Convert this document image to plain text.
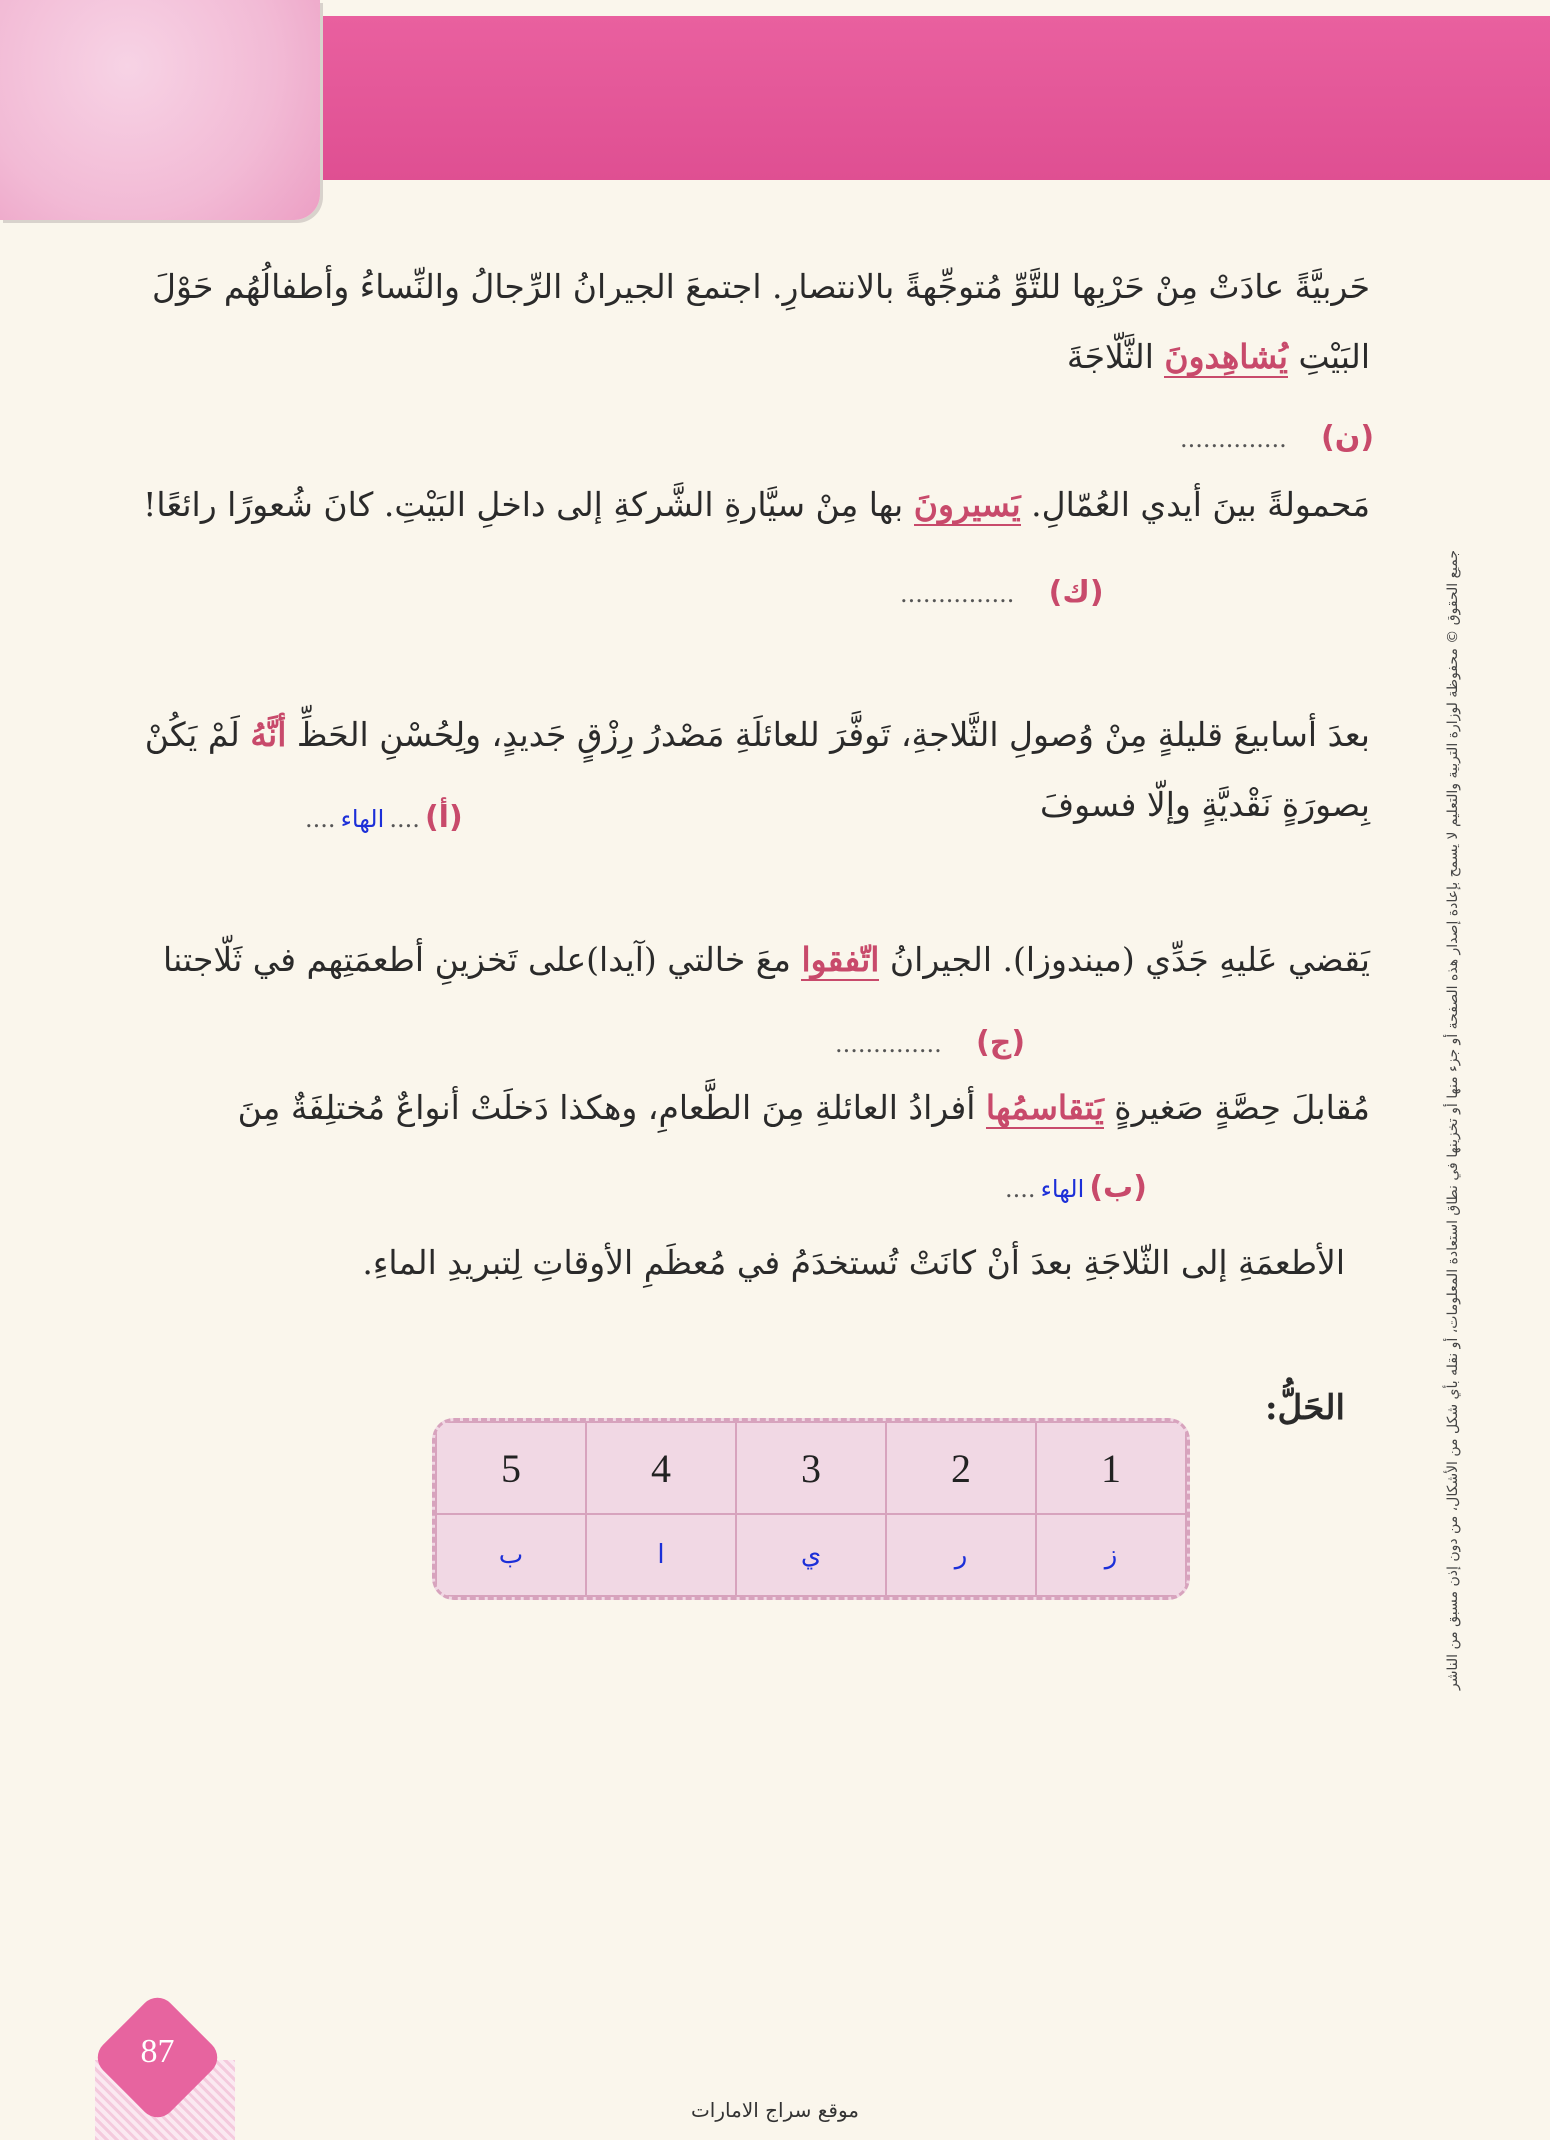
جميع الحقوق © محفوظة لوزارة التربية والتعليم لا يسمح بإعادة إصدار هذه الصفحة أو جزء منها أو تخزينها في نطاق استعادة المعلومات، أو نقله بأي شكل من الأشكال، من دون إذن مسبق من الناشر
حَربيَّةً عادَتْ مِنْ حَرْبِها للتَّوِّ مُتوجِّهةً بالانتصارِ. اجتمعَ الجيرانُ الرِّجالُ والنِّساءُ وأطفالُهُم حَوْلَ
البَيْتِ يُشاهِدونَ الثَّلّاجَةَ
(ن)  ..............
مَحمولةً بينَ أيدي العُمّالِ. يَسيرونَ بها مِنْ سيَّارةِ الشَّركةِ إلى داخلِ البَيْتِ. كانَ شُعورًا رائعًا!
(ك)  ...............
بعدَ أسابيعَ قليلةٍ مِنْ وُصولِ الثَّلاجةِ، تَوفَّرَ للعائلَةِ مَصْدرُ رِزْقٍ جَديدٍ، ولِحُسْنِ الحَظِّ أنَّهُ لَمْ يَكُنْ
بِصورَةٍ نَقْديَّةٍ وإلّا فسوفَ
(أ) .... الهاء ....
يَقضي عَليهِ جَدِّي (ميندوزا). الجيرانُ اتّفقوا معَ خالتي (آيدا)على تَخزينِ أطعمَتِهم في ثَلّاجتنا
(ج)  ..............
مُقابلَ حِصَّةٍ صَغيرةٍ يَتقاسمُها أفرادُ العائلةِ مِنَ الطَّعامِ، وهكذا دَخلَتْ أنواعٌ مُختلِفَةٌ مِنَ
(ب) الهاء ....
الأطعمَةِ إلى الثّلاجَةِ بعدَ أنْ كانَتْ تُستخدَمُ في مُعظَمِ الأوقاتِ لِتبريدِ الماءِ.
الحَلُّ:
5	4	3	2	1
ب	ا	ي	ر	ز
87
موقع سراج الامارات
